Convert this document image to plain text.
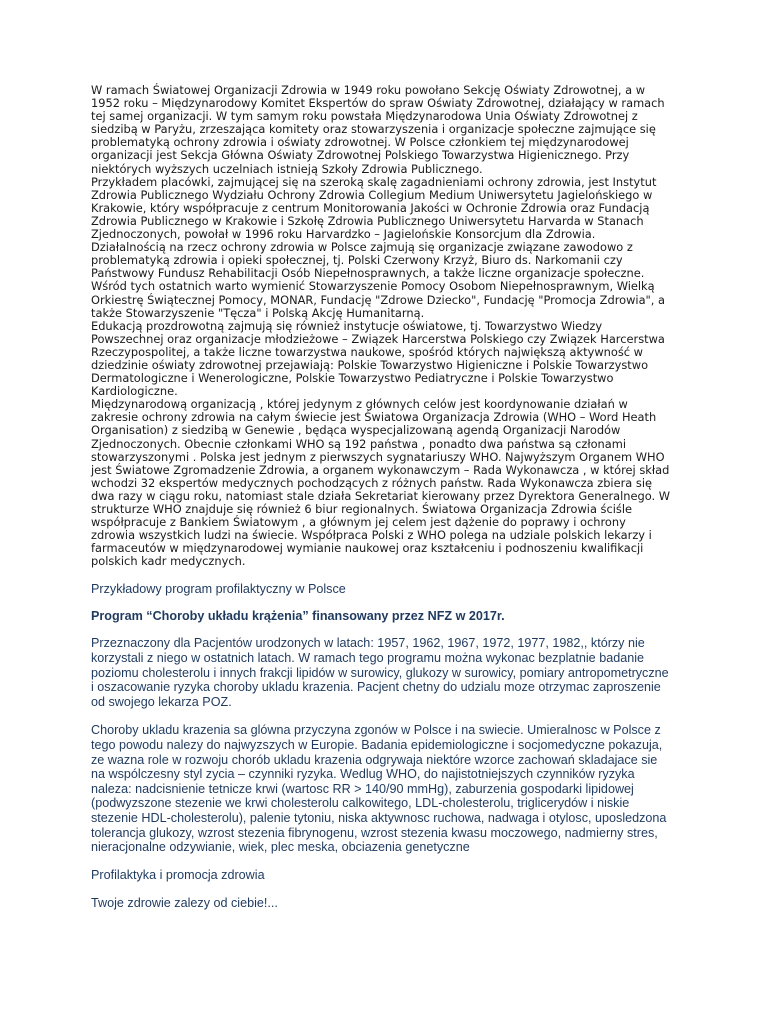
W ramach Światowej Organizacji Zdrowia w 1949 roku powołano Sekcję Oświaty Zdrowotnej, a w 1952 roku – Międzynarodowy Komitet Ekspertów do spraw Oświaty Zdrowotnej, działający w ramach tej samej organizacji. W tym samym roku powstała Międzynarodowa Unia Oświaty Zdrowotnej z siedzibą w Paryżu, zrzeszająca komitety oraz stowarzyszenia i organizacje społeczne zajmujące się problematyką ochrony zdrowia i oświaty zdrowotnej. W Polsce członkiem tej międzynarodowej organizacji jest Sekcja Główna Oświaty Zdrowotnej Polskiego Towarzystwa Higienicznego. Przy niektórych wyższych uczelniach istnieją Szkoły Zdrowia Publicznego.

Przykładem placówki, zajmującej się na szeroką skalę zagadnieniami ochrony zdrowia, jest Instytut Zdrowia Publicznego Wydziału Ochrony Zdrowia Collegium Medium Uniwersytetu Jagielońskiego w Krakowie, który współpracuje z centrum Monitorowania Jakości w Ochronie Zdrowia oraz Fundacją Zdrowia Publicznego w Krakowie i Szkołę Zdrowia Publicznego Uniwersytetu Harvarda w Stanach Zjednoczonych, powołał w 1996 roku Harvardzko – Jagielońskie Konsorcjum dla Zdrowia.

Działalnością na rzecz ochrony zdrowia w Polsce zajmują się organizacje związane zawodowo z problematyką zdrowia i opieki społecznej, tj. Polski Czerwony Krzyż, Biuro ds. Narkomanii czy Państwowy Fundusz Rehabilitacji Osób Niepełnosprawnych, a także liczne organizacje społeczne. Wśród tych ostatnich warto wymienić Stowarzyszenie Pomocy Osobom Niepełnosprawnym, Wielką Orkiestrę Świątecznej Pomocy, MONAR, Fundację "Zdrowe Dziecko", Fundację "Promocja Zdrowia", a także Stowarzyszenie "Tęcza" i Polską Akcję Humanitarną.

Edukacją prozdrowotną zajmują się również instytucje oświatowe, tj. Towarzystwo Wiedzy Powszechnej oraz organizacje młodzieżowe – Związek Harcerstwa Polskiego czy Związek Harcerstwa Rzeczypospolitej, a także liczne towarzystwa naukowe, spośród których największą aktywność w dziedzinie oświaty zdrowotnej przejawiają: Polskie Towarzystwo Higieniczne i Polskie Towarzystwo Dermatologiczne i Wenerologiczne, Polskie Towarzystwo Pediatryczne i Polskie Towarzystwo Kardiologiczne.

Międzynarodową organizacją , której jedynym z głównych celów jest koordynowanie działań w zakresie ochrony zdrowia na całym świecie jest Światowa Organizacja Zdrowia (WHO – Word Heath Organisation) z siedzibą w Genewie , będąca wyspecjalizowaną agendą Organizacji Narodów Zjednoczonych. Obecnie członkami WHO są 192 państwa , ponadto dwa państwa są członami stowarzyszonymi . Polska jest jednym z pierwszych sygnatariuszy WHO. Najwyższym Organem WHO jest Światowe Zgromadzenie Zdrowia, a organem wykonawczym – Rada Wykonawcza , w której skład wchodzi 32 ekspertów medycznych pochodzących z różnych państw. Rada Wykonawcza zbiera się dwa razy w ciągu roku, natomiast stale działa Sekretariat kierowany przez Dyrektora Generalnego. W strukturze WHO znajduje się również 6 biur regionalnych. Światowa Organizacja Zdrowia ściśle współpracuje z Bankiem Światowym , a głównym jej celem jest dążenie do poprawy i ochrony zdrowia wszystkich ludzi na świecie. Współpraca Polski z WHO polega na udziale polskich lekarzy i farmaceutów w międzynarodowej wymianie naukowej oraz kształceniu i podnoszeniu kwalifikacji polskich kadr medycznych.

Przykładowy program profilaktyczny w Polsce
Program “Choroby układu krążenia” finansowany przez NFZ w 2017r.
Przeznaczony dla Pacjentów urodzonych w latach: 1957, 1962, 1967, 1972, 1977, 1982,, którzy nie korzystali z niego w ostatnich latach. W ramach tego programu można wykonac bezplatnie badanie poziomu cholesterolu i innych frakcji lipidów w surowicy, glukozy w surowicy, pomiary antropometryczne i oszacowanie ryzyka choroby ukladu krazenia. Pacjent chetny do udzialu moze otrzymac zaproszenie od swojego lekarza POZ.
Choroby ukladu krazenia sa glówna przyczyna zgonów w Polsce i na swiecie. Umieralnosc w Polsce z tego powodu nalezy do najwyzszych w Europie. Badania epidemiologiczne i socjomedyczne pokazuja, ze wazna role w rozwoju chorób ukladu krazenia odgrywaja niektóre wzorce zachowań skladajace sie na wspólczesny styl zycia – czynniki ryzyka. Wedlug WHO, do najistotniejszych czynników ryzyka naleza: nadcisnienie tetnicze krwi (wartosc RR > 140/90 mmHg), zaburzenia gospodarki lipidowej (podwyzszone stezenie we krwi cholesterolu calkowitego, LDL-cholesterolu, triglicerydów i niskie stezenie HDL-cholesterolu), palenie tytoniu, niska aktywnosc ruchowa, nadwaga i otylosc, uposledzona tolerancja glukozy, wzrost stezenia fibrynogenu, wzrost stezenia kwasu moczowego, nadmierny stres, nieracjonalne odzywianie, wiek, plec meska, obciazenia genetyczne
Profilaktyka i promocja zdrowia
Twoje zdrowie zalezy od ciebie!...
